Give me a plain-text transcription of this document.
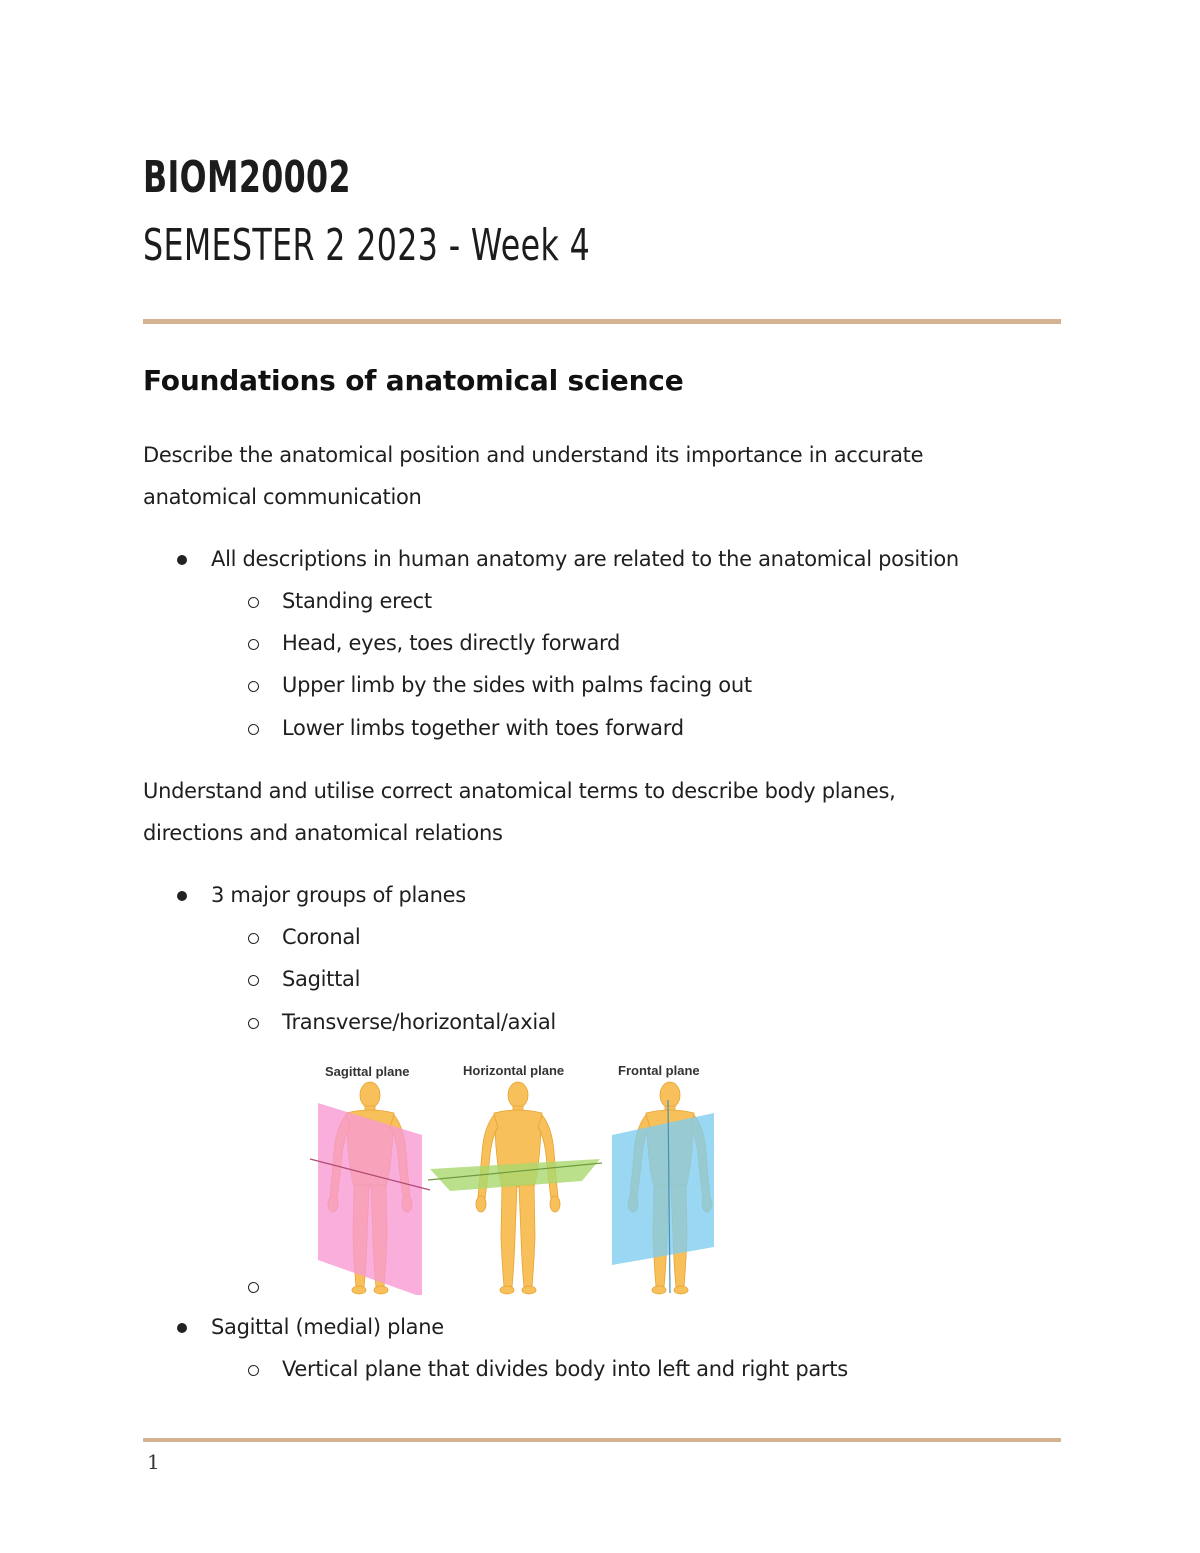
BIOM20002
SEMESTER 2 2023 - Week 4
Foundations of anatomical science
Describe the anatomical position and understand its importance in accurate
anatomical communication
All descriptions in human anatomy are related to the anatomical position
Standing erect
Head, eyes, toes directly forward
Upper limb by the sides with palms facing out
Lower limbs together with toes forward
Understand and utilise correct anatomical terms to describe body planes,
directions and anatomical relations
3 major groups of planes
Coronal
Sagittal
Transverse/horizontal/axial
Sagittal plane	Horizontal plane	Frontal plane
Sagittal (medial) plane
Vertical plane that divides body into left and right parts
1
